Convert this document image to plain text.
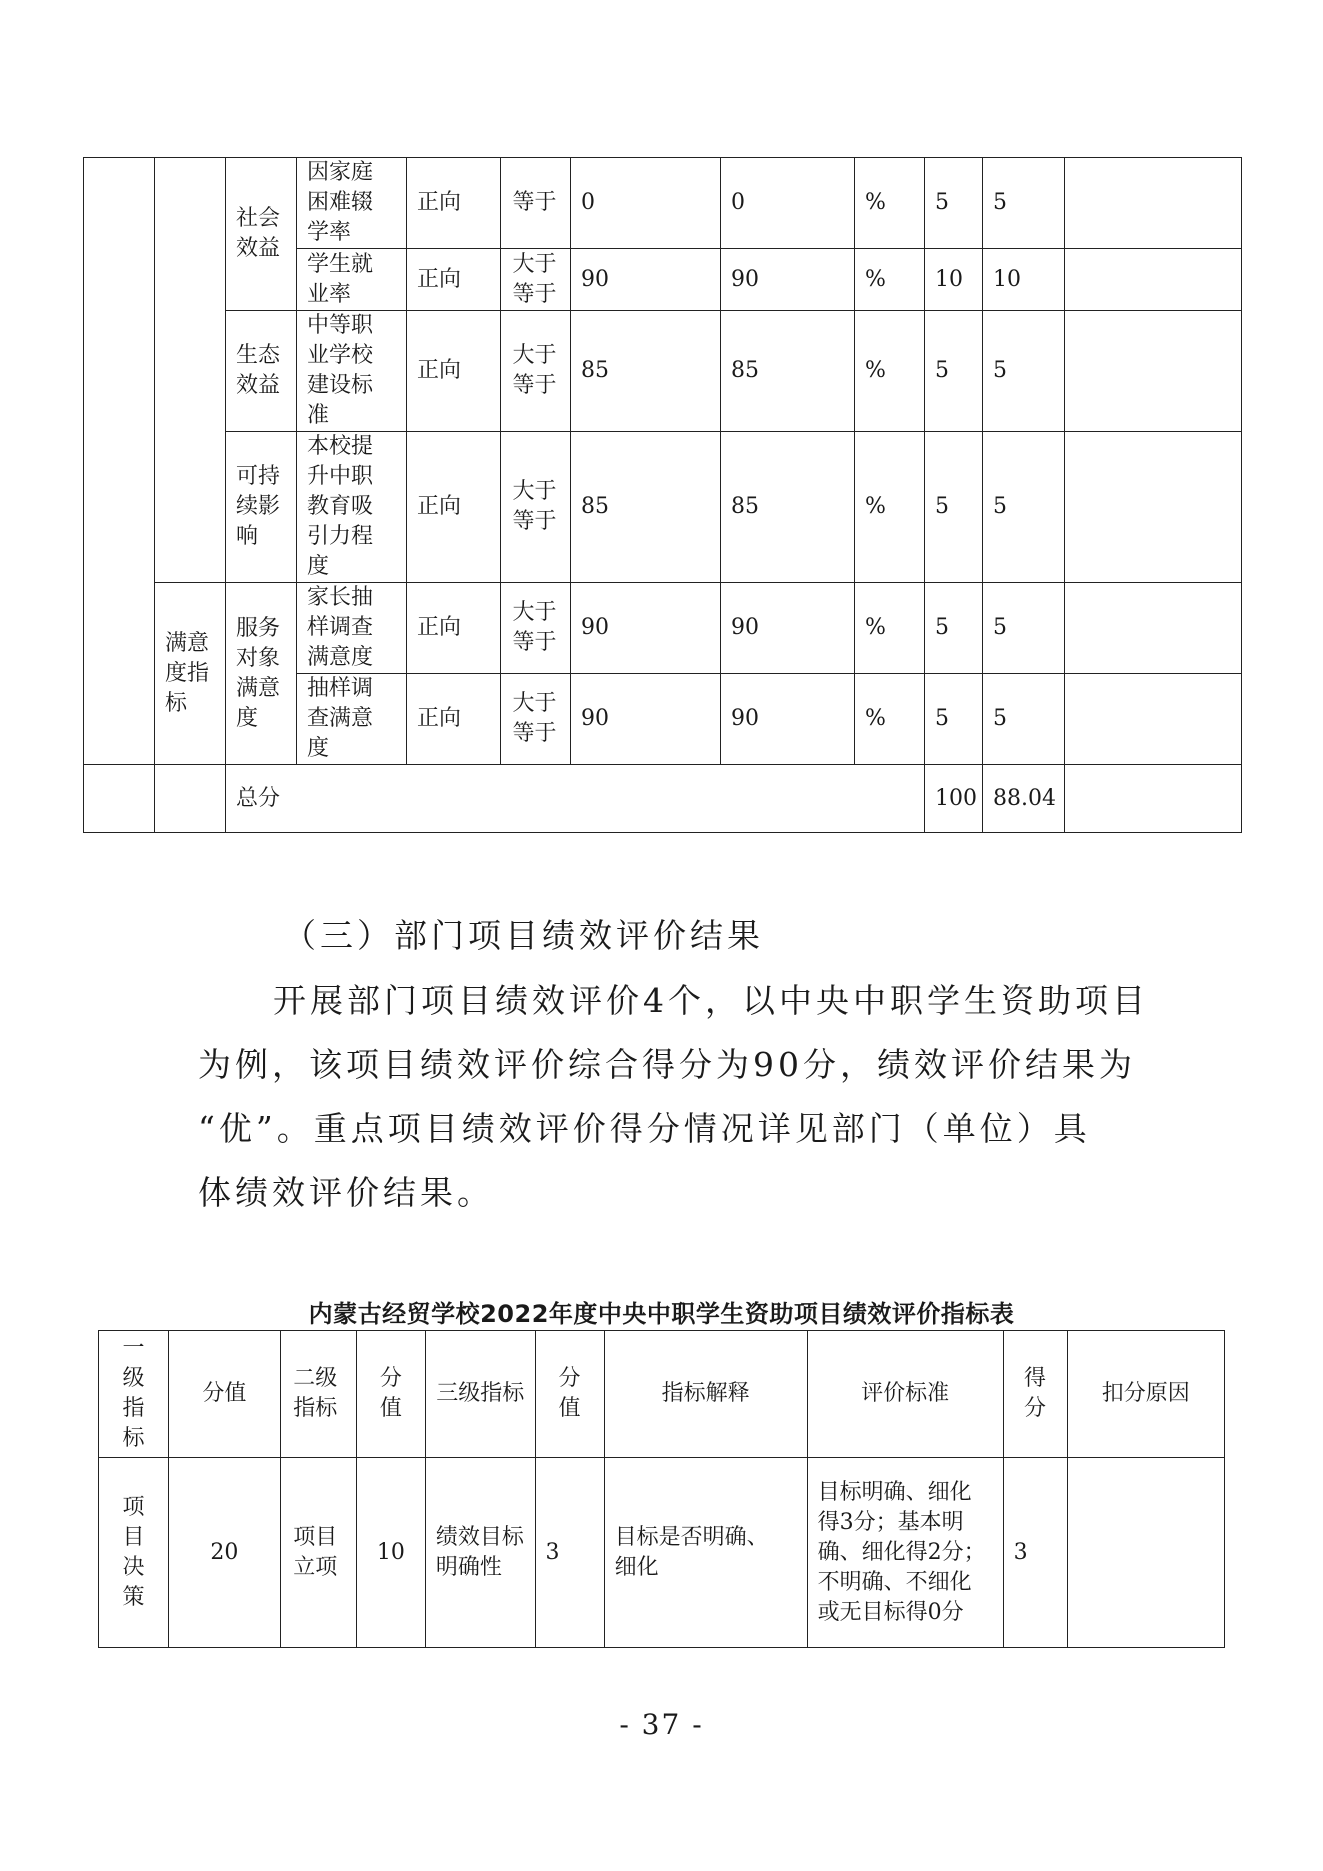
		社会效益	因家庭困难辍学率	正向	等于	0	0	%	5	5	
			学生就业率	正向	大于等于	90	90	%	10	10	
		生态效益	中等职业学校建设标准	正向	大于等于	85	85	%	5	5	
		可持续影响	本校提升中职教育吸引力程度	正向	大于等于	85	85	%	5	5	
	满意度指标	服务对象满意度	家长抽样调查满意度	正向	大于等于	90	90	%	5	5	
			抽样调查满意度	正向	大于等于	90	90	%	5	5	
		总分							100	88.04	
（三）部门项目绩效评价结果
开展部门项目绩效评价4个，以中央中职学生资助项目
为例，该项目绩效评价综合得分为90分，绩效评价结果为
“优”。重点项目绩效评价得分情况详见部门（单位）具
体绩效评价结果。
内蒙古经贸学校2022年度中央中职学生资助项目绩效评价指标表
一级指标	分值	二级指标	分值	三级指标	分值	指标解释	评价标准	得分	扣分原因
项目决策	20	项目立项	10	绩效目标明确性	3	目标是否明确、细化	目标明确、细化得3分；基本明确、细化得2分；不明确、不细化或无目标得0分	3	
- 37 -
